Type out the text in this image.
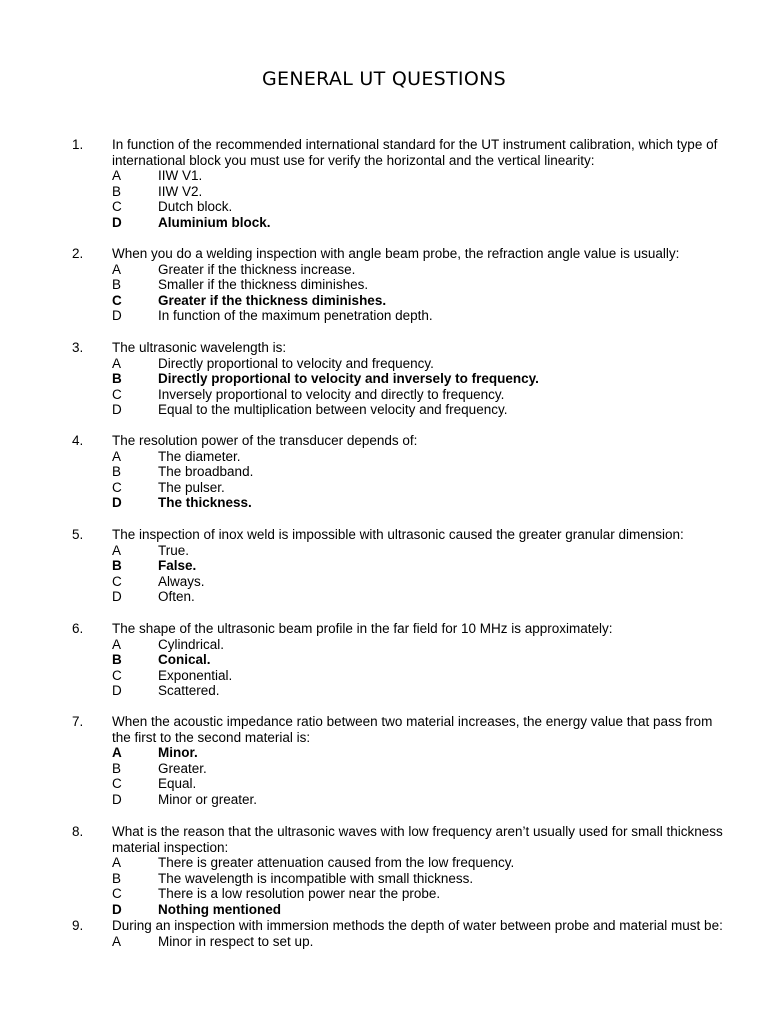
GENERAL UT QUESTIONS
1. In function of the recommended international standard for the UT instrument calibration, which type of
international block you must use for verify the horizontal and the vertical linearity:
A	IIW V1.
B	IIW V2.
C	Dutch block.
D	Aluminium block.
2. When you do a welding inspection with angle beam probe, the refraction angle value is usually:
A	Greater if the thickness increase.
B	Smaller if the thickness diminishes.
C	Greater if the thickness diminishes.
D	In function of the maximum penetration depth.
3. The ultrasonic wavelength is:
A	Directly proportional to velocity and frequency.
B	Directly proportional to velocity and inversely to frequency.
C	Inversely proportional to velocity and directly to frequency.
D	Equal to the multiplication between velocity and frequency.
4. The resolution power of the transducer depends of:
A	The diameter.
B	The broadband.
C	The pulser.
D	The thickness.
5. The inspection of inox weld is impossible with ultrasonic caused the greater granular dimension:
A	True.
B	False.
C	Always.
D	Often.
6. The shape of the ultrasonic beam profile in the far field for 10 MHz is approximately:
A	Cylindrical.
B	Conical.
C	Exponential.
D	Scattered.
7. When the acoustic impedance ratio between two material increases, the energy value that pass from
the first to the second material is:
A	Minor.
B	Greater.
C	Equal.
D	Minor or greater.
8. What is the reason that the ultrasonic waves with low frequency aren’t usually used for small thickness
material inspection:
A	There is greater attenuation caused from the low frequency.
B	The wavelength is incompatible with small thickness.
C	There is a low resolution power near the probe.
D	Nothing mentioned
9. During an inspection with immersion methods the depth of water between probe and material must be:
A	Minor in respect to set up.
